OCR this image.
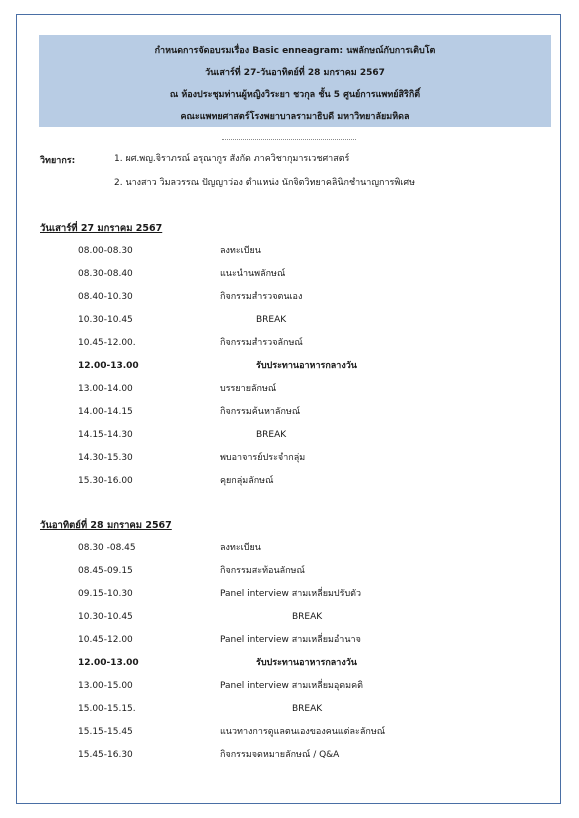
กำหนดการจัดอบรมเรื่อง Basic enneagram: นพลักษณ์กับการเติบโต
วันเสาร์ที่ 27-วันอาทิตย์ที่ 28 มกราคม 2567
ณ ห้องประชุมท่านผู้หญิงวิระยา ชวกุล ชั้น 5 ศูนย์การแพทย์สิริกิติ์
คณะแพทยศาสตร์โรงพยาบาลรามาธิบดี มหาวิทยาลัยมหิดล
วิทยากร:	1. ผศ.พญ.จิราภรณ์ อรุณากูร สังกัด ภาควิชากุมารเวชศาสตร์
2. นางสาว วิมลวรรณ ปัญญาว่อง ตำแหน่ง นักจิตวิทยาคลินิกชำนาญการพิเศษ
วันเสาร์ที่ 27 มกราคม 2567
08.00-08.30	ลงทะเบียน
08.30-08.40	แนะนำนพลักษณ์
08.40-10.30	กิจกรรมสำรวจตนเอง
10.30-10.45	BREAK
10.45-12.00.	กิจกรรมสำรวจลักษณ์
12.00-13.00	รับประทานอาหารกลางวัน
13.00-14.00	บรรยายลักษณ์
14.00-14.15	กิจกรรมค้นหาลักษณ์
14.15-14.30	BREAK
14.30-15.30	พบอาจารย์ประจำกลุ่ม
15.30-16.00	คุยกลุ่มลักษณ์
วันอาทิตย์ที่ 28 มกราคม 2567
08.30 -08.45	ลงทะเบียน
08.45-09.15	กิจกรรมสะท้อนลักษณ์
09.15-10.30	Panel interview สามเหลี่ยมปรับตัว
10.30-10.45	BREAK
10.45-12.00	Panel interview สามเหลี่ยมอำนาจ
12.00-13.00	รับประทานอาหารกลางวัน
13.00-15.00	Panel interview สามเหลี่ยมอุดมคติ
15.00-15.15.	BREAK
15.15-15.45	แนวทางการดูแลตนเองของคนแต่ละลักษณ์
15.45-16.30	กิจกรรมจดหมายลักษณ์ / Q&A
